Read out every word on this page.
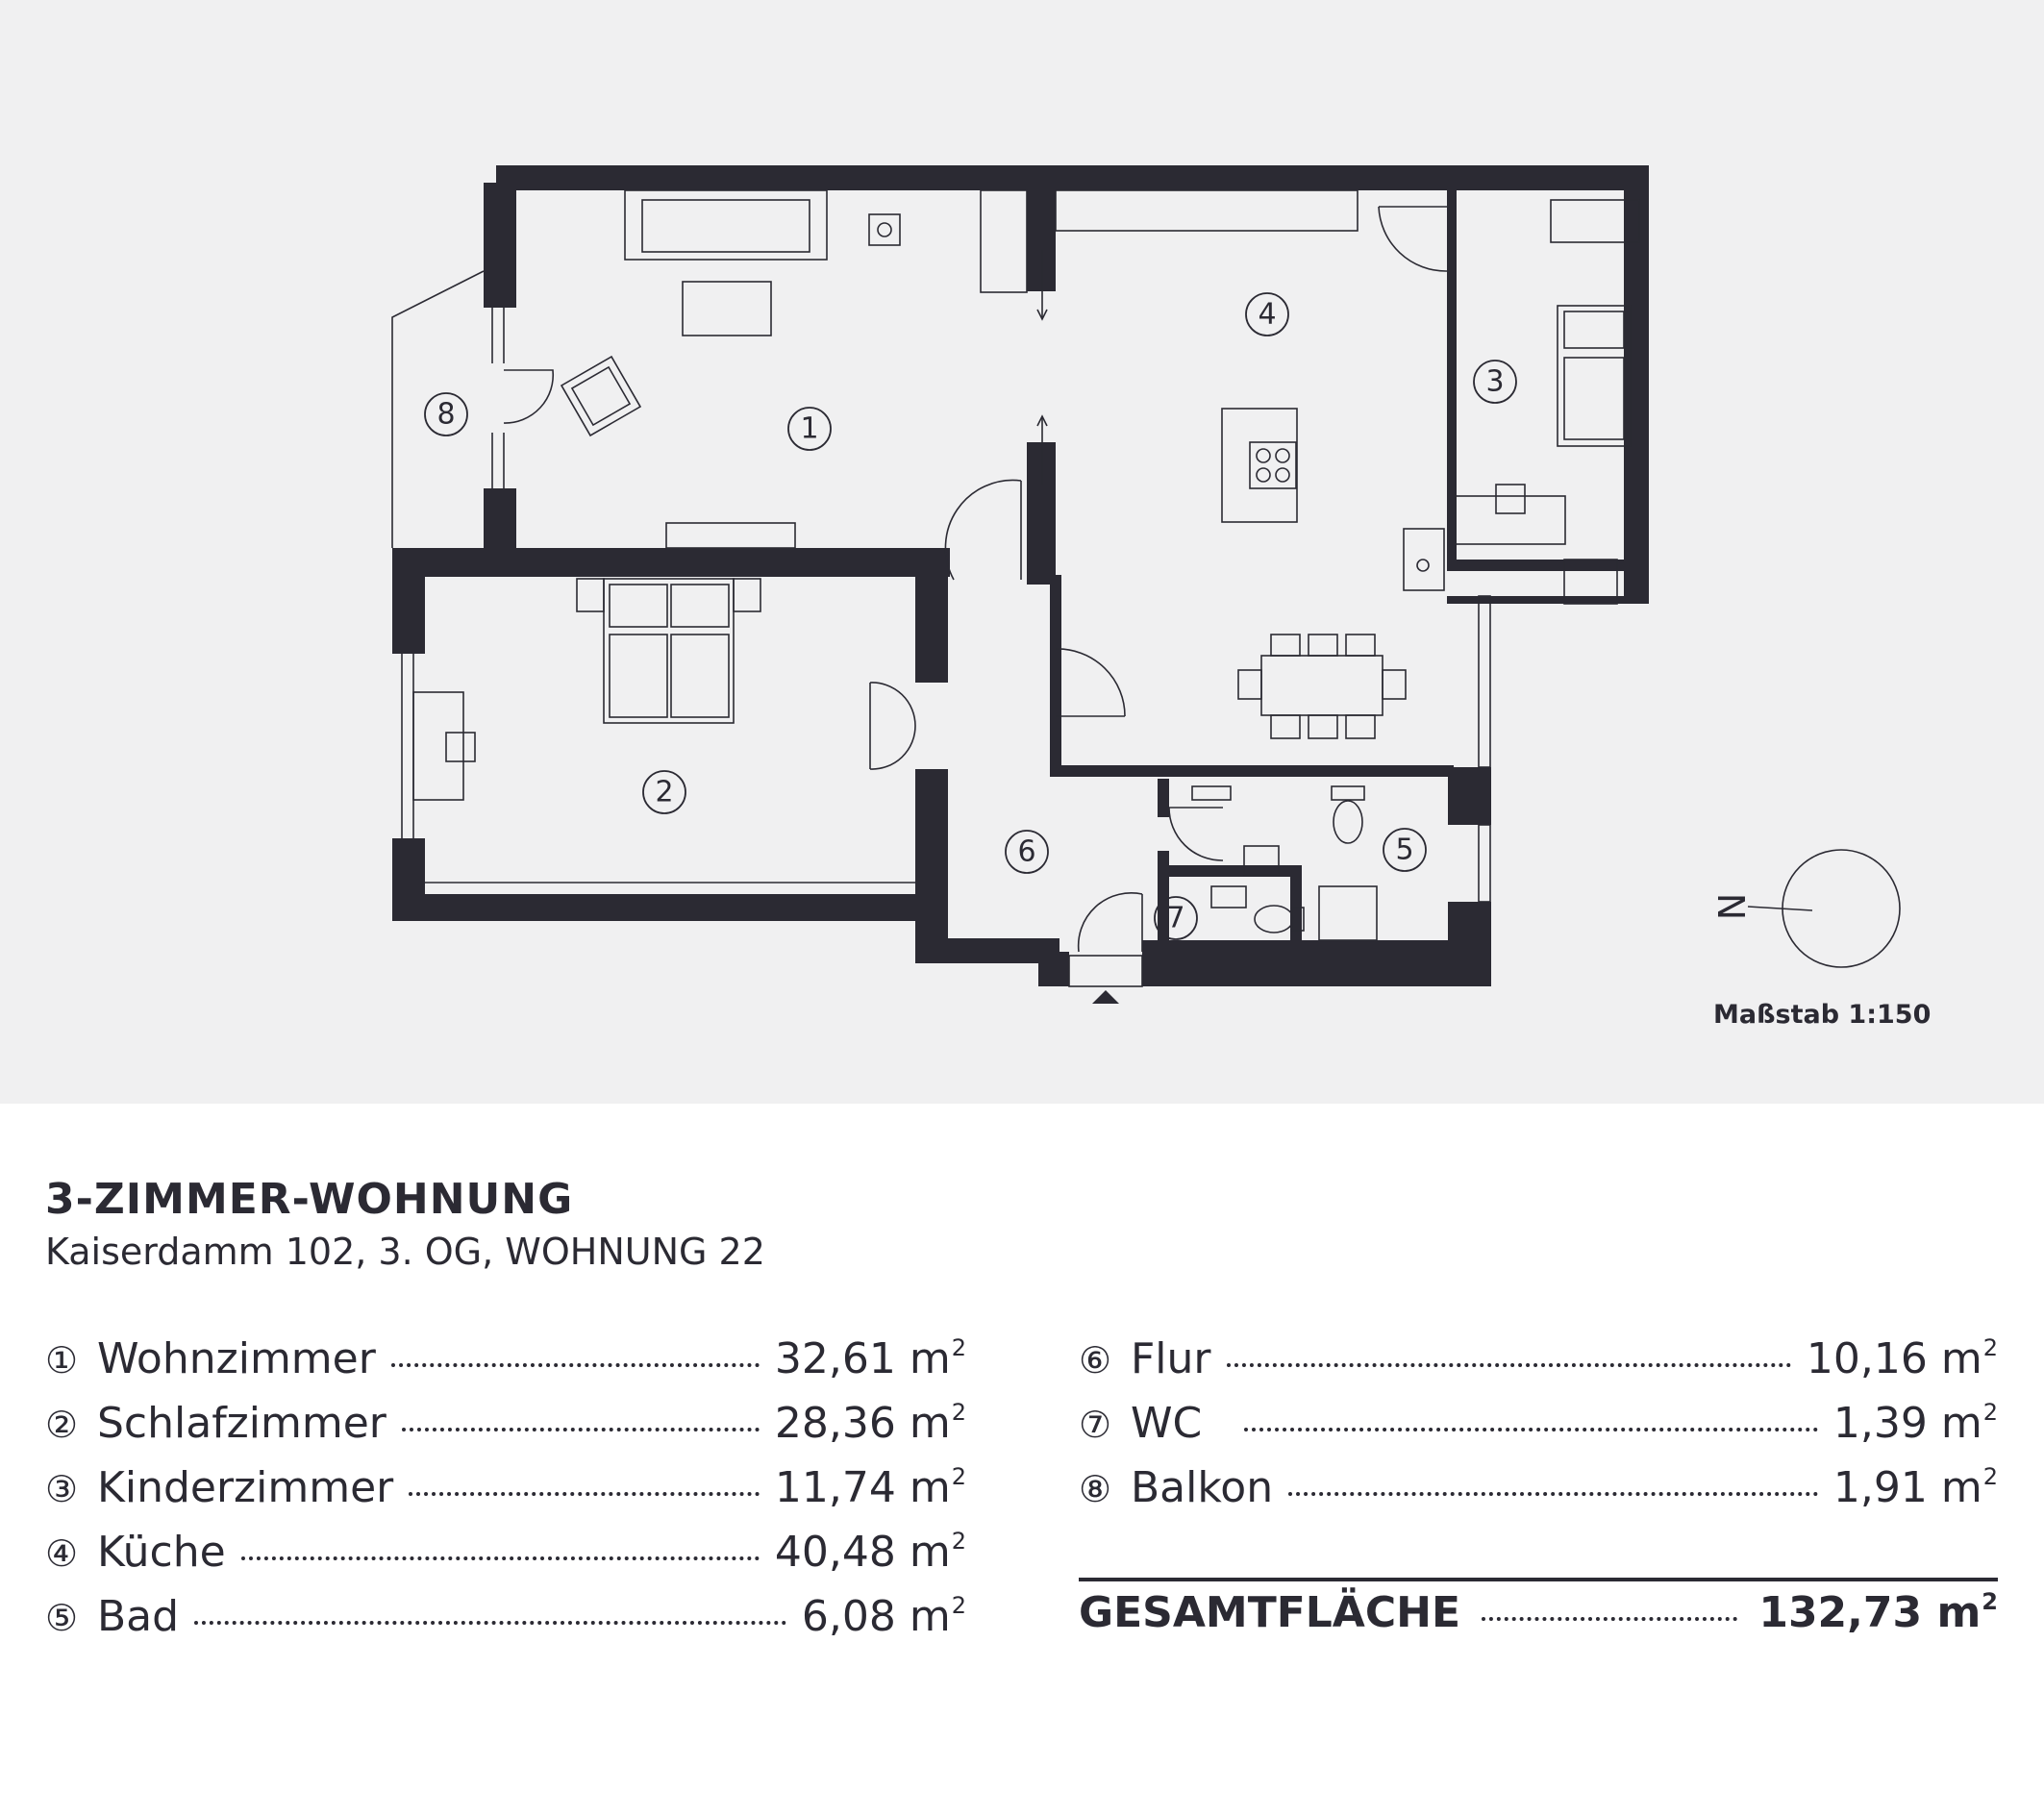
1
2
3
4
5
6
7
8
N
Maßstab 1:150
3-ZIMMER-WOHNUNG

Kaiserdamm 102, 3. OG, WOHNUNG 22

① Wohnzimmer	32,61 $m^2$
② Schlafzimmer	28,36 $m^2$
③ Kinderzimmer	11,74 $m^2$
④ Küche	40,48 $m^2$
⑤ Bad	6,08 $m^2$
⑥ Flur	10,16 $m^2$
⑦ WC	1,39 $m^2$
⑧ Balkon	1,91 $m^2$
GESAMTFLÄCHE	132,73 $m^2$
